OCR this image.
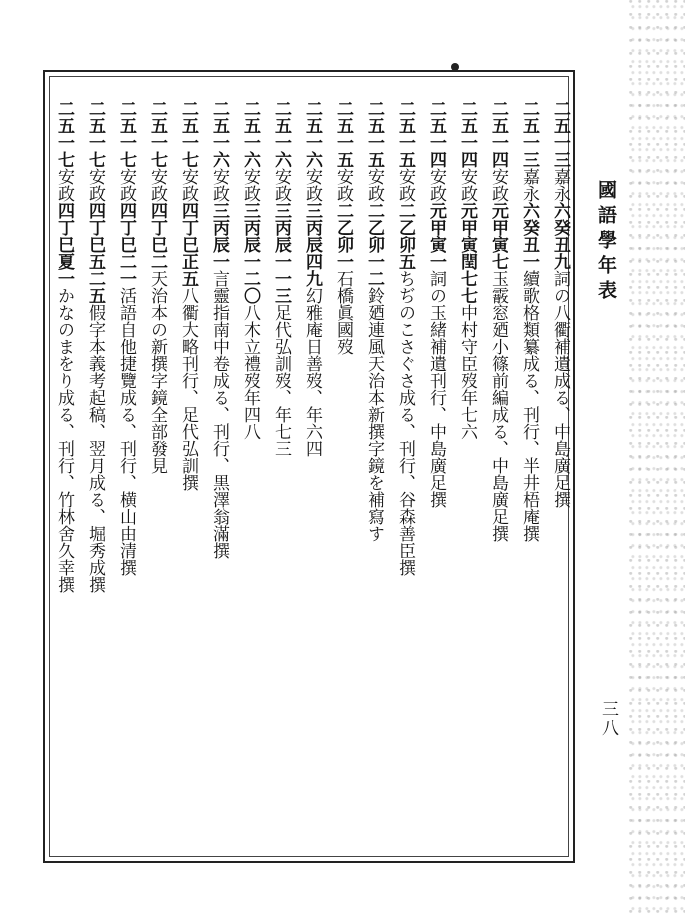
國語學年表
三八
二五一三嘉永六癸丑九詞の八衢補遺成る、中島廣足撰
二五一三嘉永六癸丑一續歌格類纂成る、刊行、半井梧庵撰
二五一四安政元甲寅七玉霰窓廼小篠前編成る、中島廣足撰
二五一四安政元甲寅閏七七中村守臣歿年七六
二五一四安政元甲寅一詞の玉緒補遺刊行、中島廣足撰
二五一五安政二乙卯五ちぢのこさぐさ成る、刊行、谷森善臣撰
二五一五安政二乙卯一二鈴廼連風天治本新撰字鏡を補寫す
二五一五安政二乙卯一石橋眞國歿
二五一六安政三丙辰四九幻雅庵日善歿、年六四
二五一六安政三丙辰一一三足代弘訓歿、年七三
二五一六安政三丙辰一二〇八木立禮歿年四八
二五一六安政三丙辰一言靈指南中卷成る、刊行、黒澤翁滿撰
二五一七安政四丁巳正五八衢大略刊行、足代弘訓撰
二五一七安政四丁巳二天治本の新撰字鏡全部發見
二五一七安政四丁巳二一活語自他捷覽成る、刊行、横山由清撰
二五一七安政四丁巳五二五假字本義考起稿、翌月成る、堀秀成撰
二五一七安政四丁巳夏一かなのまをり成る、刊行、竹林舍久幸撰
